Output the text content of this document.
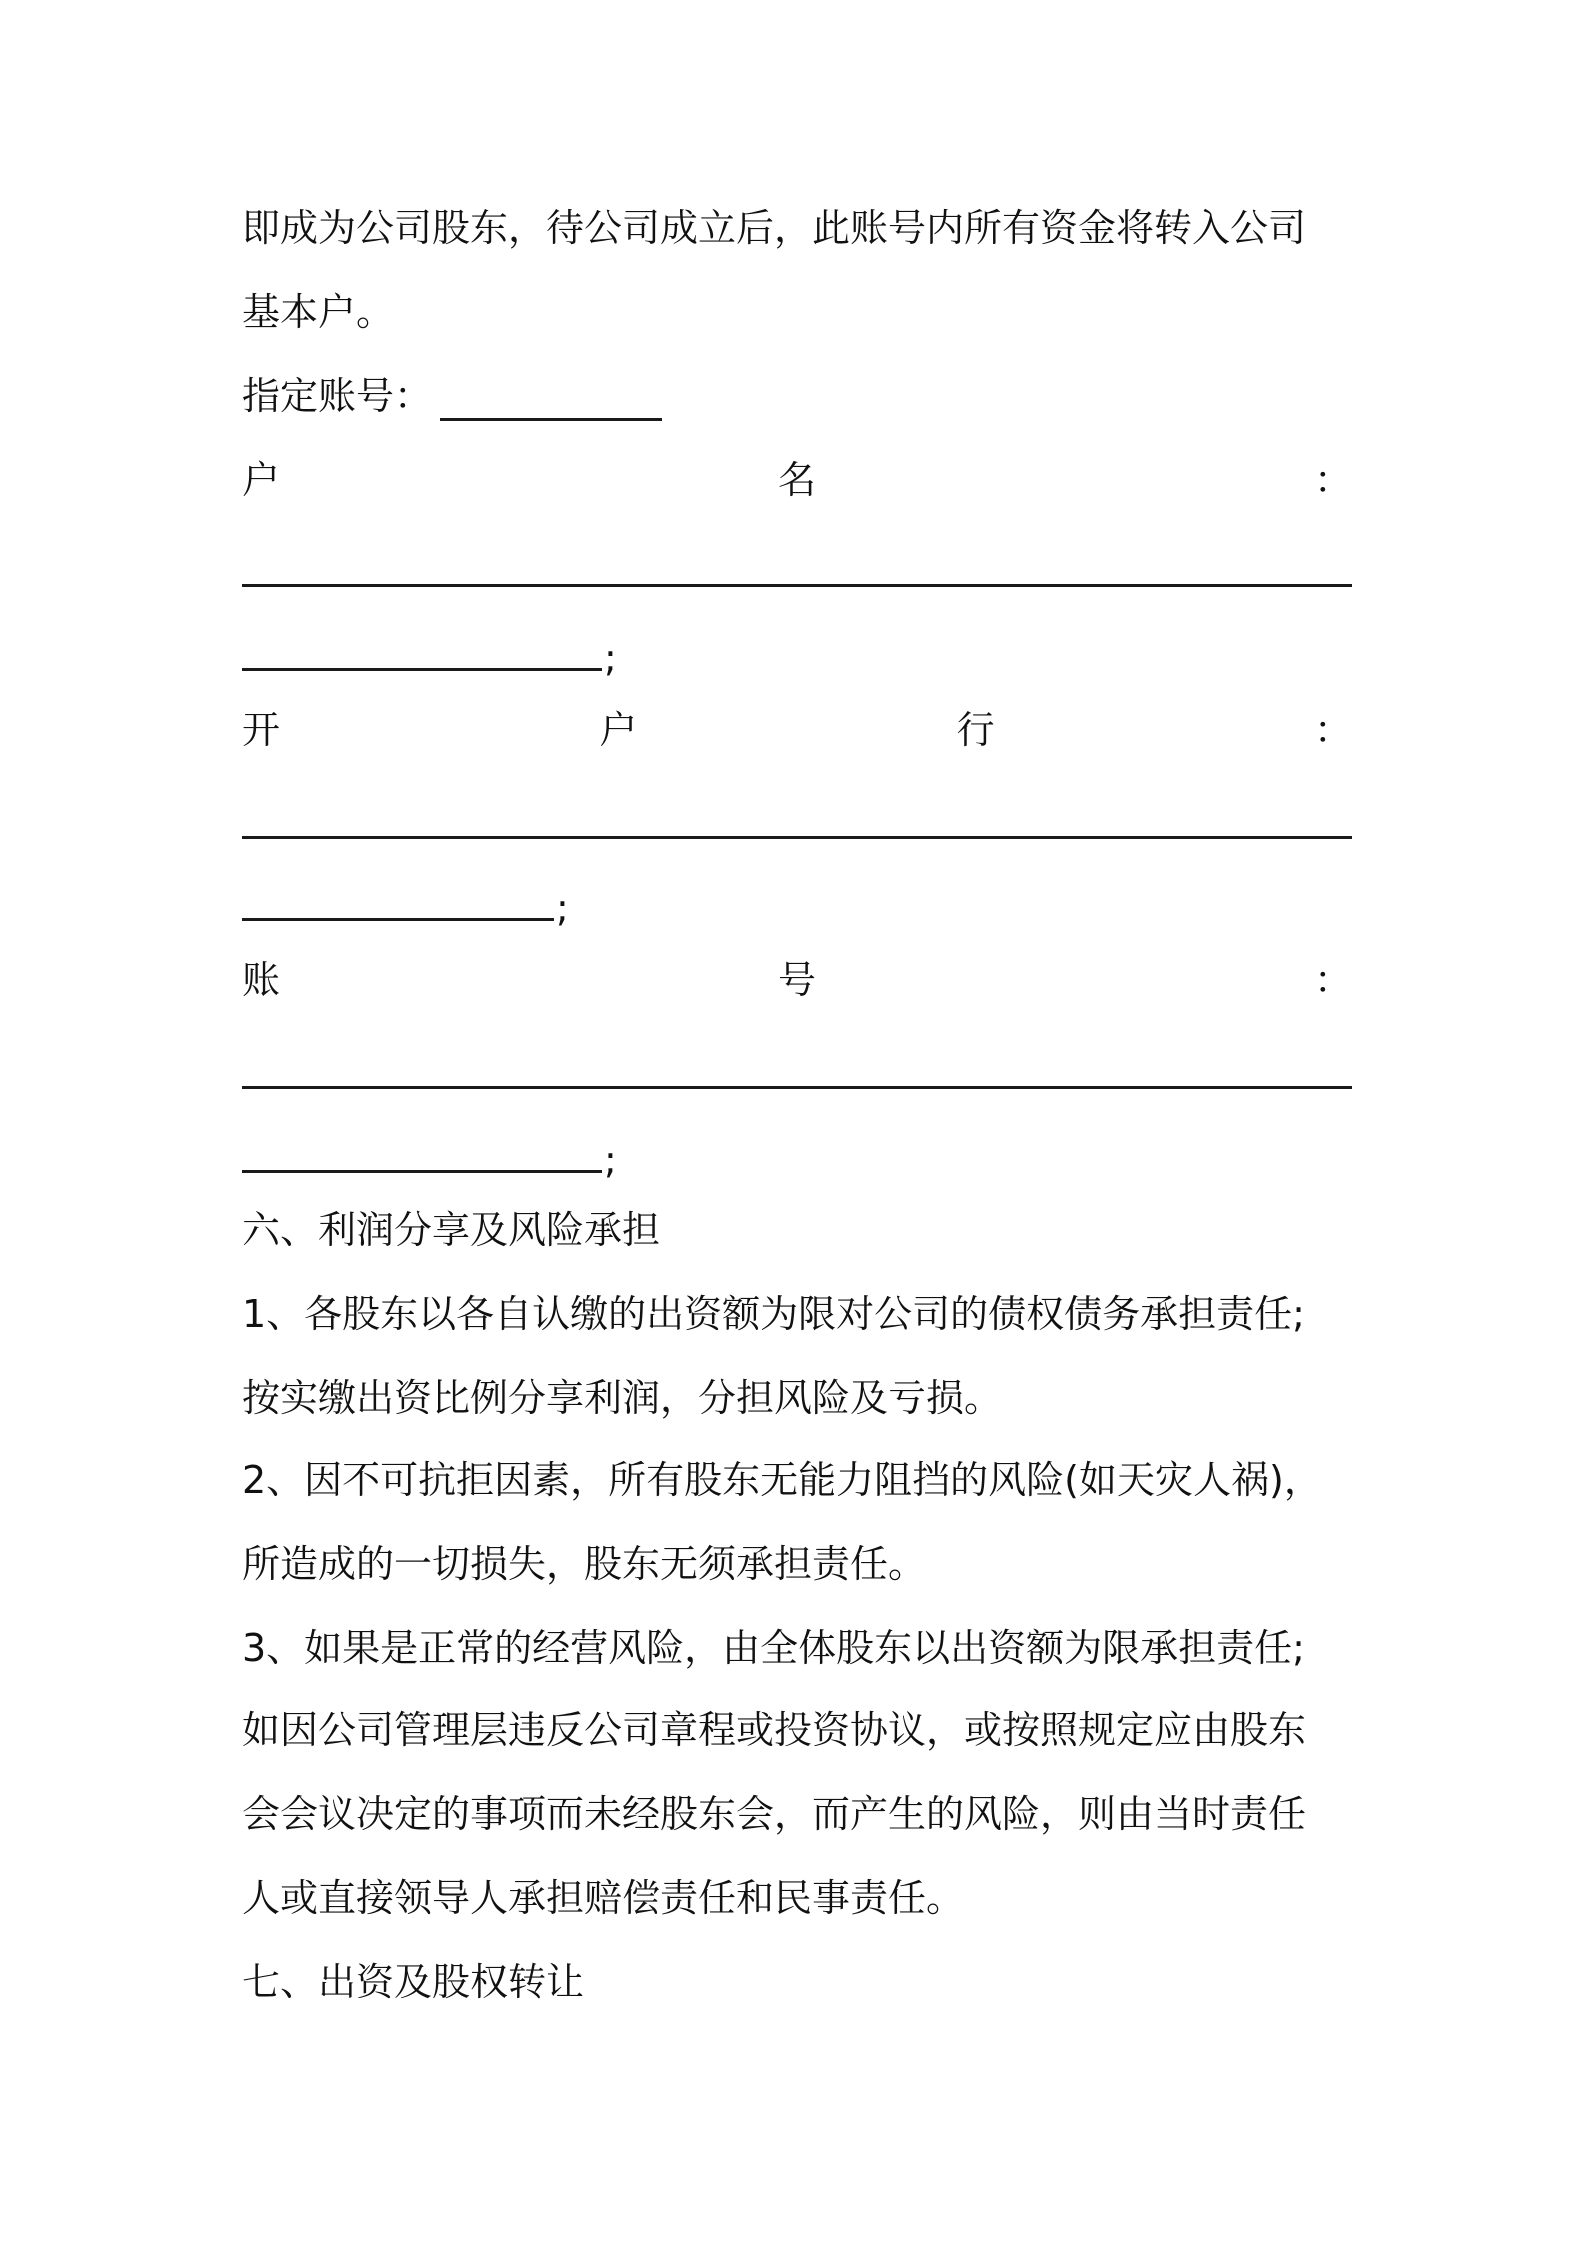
即成为公司股东，待公司成立后，此账号内所有资金将转入公司
基本户。
指定账号：
户	名	：
;
开	户	行	：
;
账	号	：
;
六、利润分享及风险承担
1、各股东以各自认缴的出资额为限对公司的债权债务承担责任;
按实缴出资比例分享利润，分担风险及亏损。
2、因不可抗拒因素，所有股东无能力阻挡的风险(如天灾人祸)，
所造成的一切损失，股东无须承担责任。
3、如果是正常的经营风险，由全体股东以出资额为限承担责任;
如因公司管理层违反公司章程或投资协议，或按照规定应由股东
会会议决定的事项而未经股东会，而产生的风险，则由当时责任
人或直接领导人承担赔偿责任和民事责任。
七、出资及股权转让
